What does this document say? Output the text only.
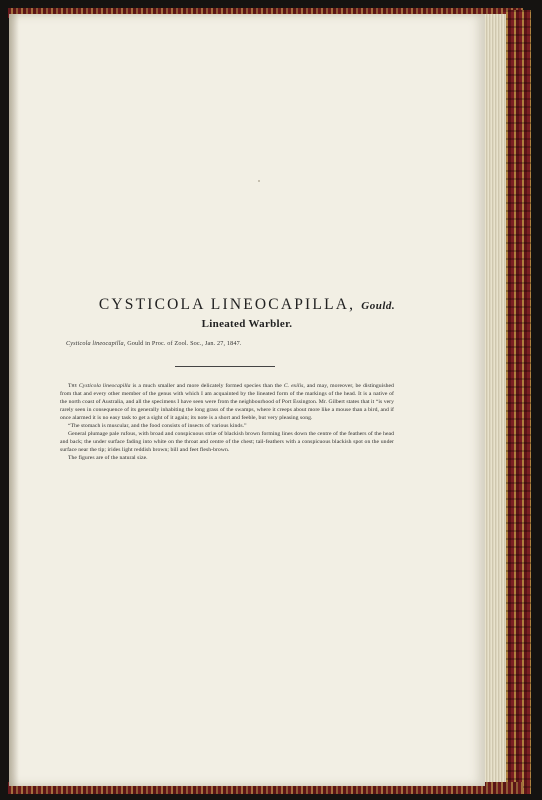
CYSTICOLA LINEOCAPILLA, Gould.
Lineated Warbler.
Cysticola lineocapilla, Gould in Proc. of Zool. Soc., Jan. 27, 1847.

The Cysticola lineocapilla is a much smaller and more delicately formed species than the C. exilis, and may, moreover, be distinguished from that and every other member of the genus with which I am acquainted by the lineated form of the markings of the head. It is a native of the north coast of Australia, and all the specimens I have seen were from the neighbourhood of Port Essington. Mr. Gilbert states that it “is very rarely seen in consequence of its generally inhabiting the long grass of the swamps, where it creeps about more like a mouse than a bird, and if once alarmed it is no easy task to get a sight of it again; its note is a short and feeble, but very pleasing song.

“The stomach is muscular, and the food consists of insects of various kinds.”

General plumage pale rufous, with broad and conspicuous striæ of blackish brown forming lines down the centre of the feathers of the head and back; the under surface fading into white on the throat and centre of the chest; tail-feathers with a conspicuous blackish spot on the under surface near the tip; irides light reddish brown; bill and feet flesh-brown.

The figures are of the natural size.
